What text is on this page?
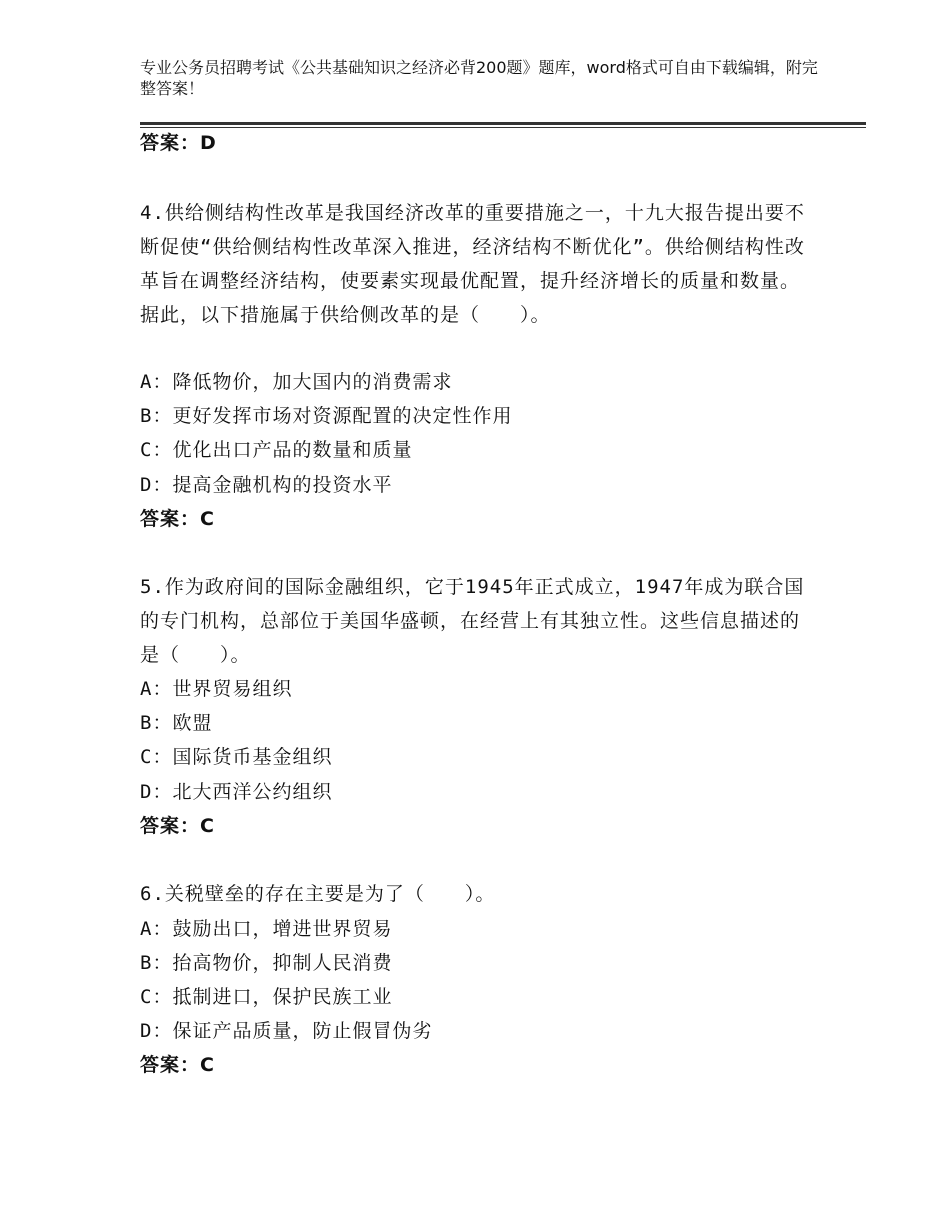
专业公务员招聘考试《公共基础知识之经济必背200题》题库，word格式可自由下载编辑，附完整答案！
答案：D
4.供给侧结构性改革是我国经济改革的重要措施之一，十九大报告提出要不断促使“供给侧结构性改革深入推进，经济结构不断优化”。供给侧结构性改革旨在调整经济结构，使要素实现最优配置，提升经济增长的质量和数量。据此，以下措施属于供给侧改革的是（　　）。
A：降低物价，加大国内的消费需求
B：更好发挥市场对资源配置的决定性作用
C：优化出口产品的数量和质量
D：提高金融机构的投资水平
答案：C
5.作为政府间的国际金融组织，它于1945年正式成立，1947年成为联合国的专门机构，总部位于美国华盛顿，在经营上有其独立性。这些信息描述的是（　　）。
A：世界贸易组织
B：欧盟
C：国际货币基金组织
D：北大西洋公约组织
答案：C
6.关税壁垒的存在主要是为了（　　）。
A：鼓励出口，增进世界贸易
B：抬高物价，抑制人民消费
C：抵制进口，保护民族工业
D：保证产品质量，防止假冒伪劣
答案：C
